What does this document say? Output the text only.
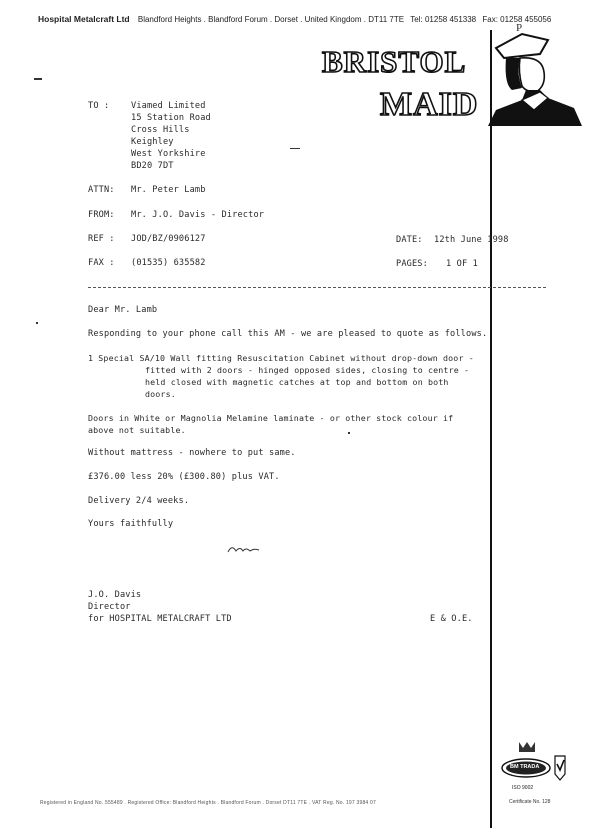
Hospital Metalcraft Ltd Blandford Heights . Blandford Forum . Dorset . United Kingdom . DT11 7TE Tel: 01258 451338 Fax: 01258 455056
BRISTOL
MAID
P
TO :	Viamed Limited
15 Station Road
Cross Hills
Keighley
West Yorkshire
BD20 7DT
ATTN: Mr. Peter Lamb
FROM: Mr. J.O. Davis - Director
REF : JOD/BZ/0906127	DATE: 12th June 1998
FAX : (01535) 635582	PAGES: 1 OF 1
Dear Mr. Lamb
Responding to your phone call this AM - we are pleased to quote as follows.
1 Special SA/10 Wall fitting Resuscitation Cabinet without drop-down door -
fitted with 2 doors - hinged opposed sides, closing to centre -
held closed with magnetic catches at top and bottom on both
doors.
Doors in White or Magnolia Melamine laminate - or other stock colour if
above not suitable.
Without mattress - nowhere to put same.
£376.00 less 20% (£300.80) plus VAT.
Delivery 2/4 weeks.
Yours faithfully
J.O. Davis
Director
for HOSPITAL METALCRAFT LTD	E & O.E.
BM TRADA
ISO 9002
Certificate No. 128
Registered in England No. 555489 . Registered Office: Blandford Heights . Blandford Forum . Dorset DT11 7TE . VAT Reg. No. 197 3984 07
